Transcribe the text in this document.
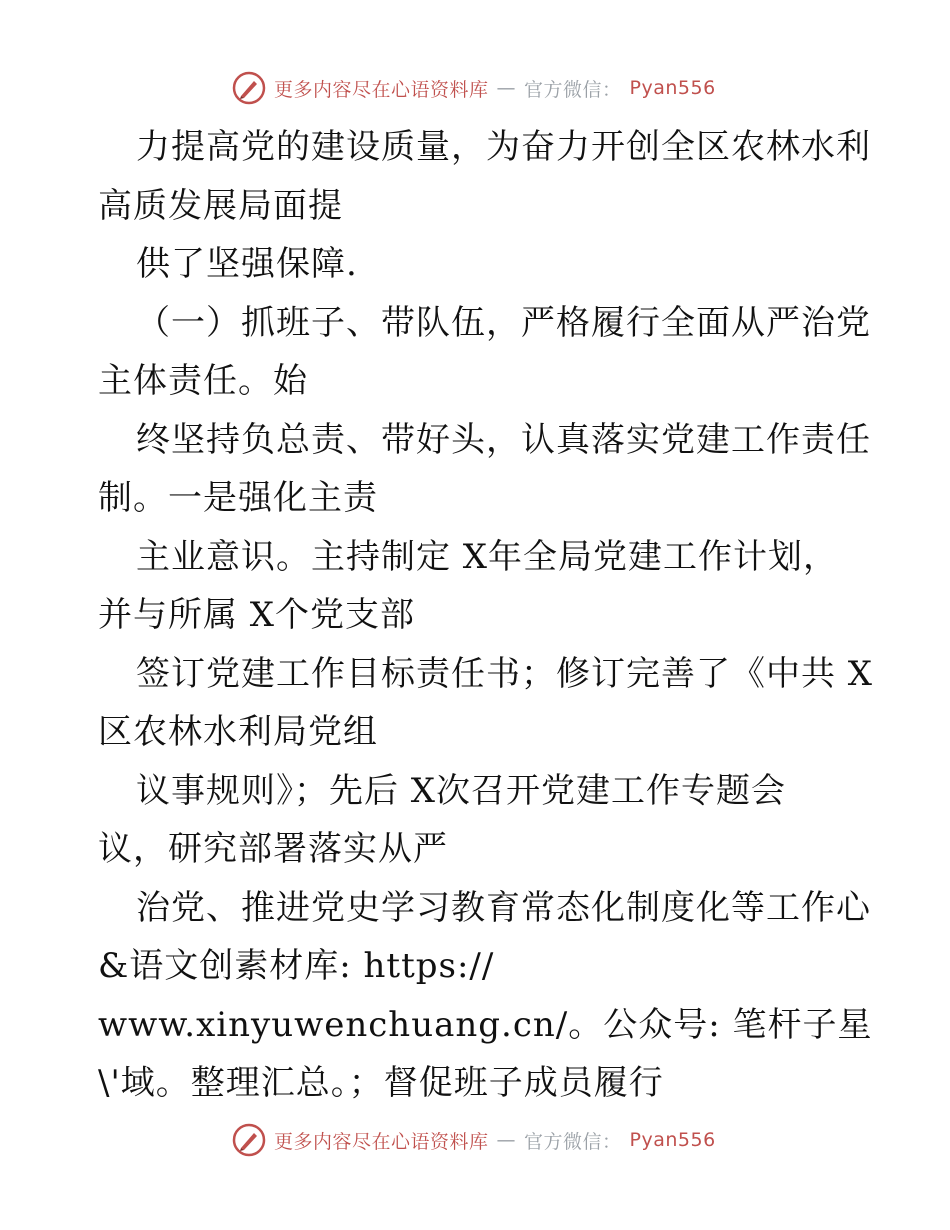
更多内容尽在心语资料库 — 官方微信： Pyan556
力提高党的建设质量，为奋力开创全区农林水利
高质发展局面提
供了坚强保障.
（一）抓班子、带队伍，严格履行全面从严治党
主体责任。始
终坚持负总责、带好头，认真落实党建工作责任
制。一是强化主责
主业意识。主持制定 X年全局党建工作计划，
并与所属 X个党支部
签订党建工作目标责任书；修订完善了《中共 X
区农林水利局党组
议事规则》；先后 X次召开党建工作专题会
议，研究部署落实从严
治党、推进党史学习教育常态化制度化等工作心
&语文创素材库: https://
www.xinyuwenchuang.cn/。公众号: 笔杆子星
\'域。整理汇总。；督促班子成员履行
更多内容尽在心语资料库 — 官方微信： Pyan556
